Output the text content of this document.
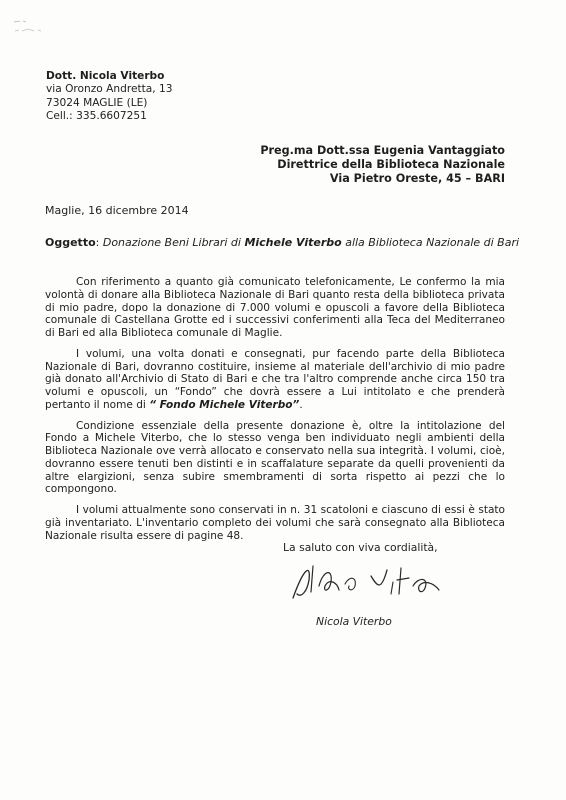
Dott. Nicola Viterbo
via Oronzo Andretta, 13
73024 MAGLIE (LE)
Cell.: 335.6607251
Preg.ma Dott.ssa Eugenia Vantaggiato
Direttrice della Biblioteca Nazionale
Via Pietro Oreste, 45 – BARI
Maglie, 16 dicembre 2014
Oggetto: Donazione Beni Librari di Michele Viterbo alla Biblioteca Nazionale di Bari

Con riferimento a quanto già comunicato telefonicamente, Le confermo la mia volontà di donare alla Biblioteca Nazionale di Bari quanto resta della biblioteca privata di mio padre, dopo la donazione di 7.000 volumi e opuscoli a favore della Biblioteca comunale di Castellana Grotte ed i successivi conferimenti alla Teca del Mediterraneo di Bari ed alla Biblioteca comunale di Maglie.

I volumi, una volta donati e consegnati, pur facendo parte della Biblioteca Nazionale di Bari, dovranno costituire, insieme al materiale dell'archivio di mio padre già donato all'Archivio di Stato di Bari e che tra l'altro comprende anche circa 150 tra volumi e opuscoli, un “Fondo” che dovrà essere a Lui intitolato e che prenderà pertanto il nome di “ Fondo Michele Viterbo”.

Condizione essenziale della presente donazione è, oltre la intitolazione del Fondo a Michele Viterbo, che lo stesso venga ben individuato negli ambienti della Biblioteca Nazionale ove verrà allocato e conservato nella sua integrità. I volumi, cioè, dovranno essere tenuti ben distinti e in scaffalature separate da quelli provenienti da altre elargizioni, senza subire smembramenti di sorta rispetto ai pezzi che lo compongono.

I volumi attualmente sono conservati in n. 31 scatoloni e ciascuno di essi è stato già inventariato. L'inventario completo dei volumi che sarà consegnato alla Biblioteca Nazionale risulta essere di pagine 48.

La saluto con viva cordialità,
Nicola Viterbo
